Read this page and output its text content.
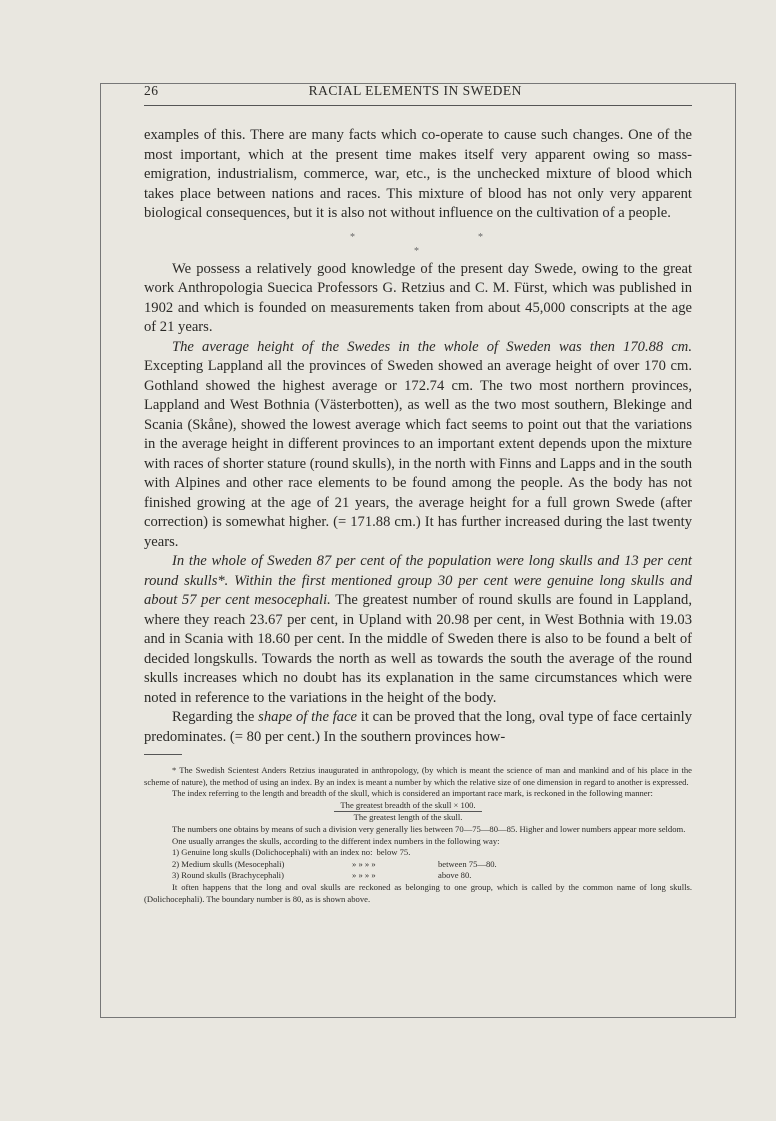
26	RACIAL ELEMENTS IN SWEDEN

examples of this. There are many facts which co-operate to cause such changes. One of the most important, which at the present time makes itself very apparent owing so mass-emigration, industrialism, commerce, war, etc., is the unchecked mixture of blood which takes place between nations and races. This mixture of blood has not only very apparent biological consequences, but it is also not without influence on the cultivation of a people.

*	*
*

We possess a relatively good knowledge of the present day Swede, owing to the great work Anthropologia Suecica Professors G. Retzius and C. M. Fürst, which was published in 1902 and which is founded on measurements taken from about 45,000 conscripts at the age of 21 years.

The average height of the Swedes in the whole of Sweden was then 170.88 cm. Excepting Lappland all the provinces of Sweden showed an average height of over 170 cm. Gothland showed the highest average or 172.74 cm. The two most northern provinces, Lappland and West Bothnia (Västerbotten), as well as the two most southern, Blekinge and Scania (Skåne), showed the lowest average which fact seems to point out that the variations in the average height in different provinces to an important extent depends upon the mixture with races of shorter stature (round skulls), in the north with Finns and Lapps and in the south with Alpines and other race elements to be found among the people. As the body has not finished growing at the age of 21 years, the average height for a full grown Swede (after correction) is somewhat higher. (= 171.88 cm.) It has further increased during the last twenty years.

In the whole of Sweden 87 per cent of the population were long skulls and 13 per cent round skulls*. Within the first mentioned group 30 per cent were genuine long skulls and about 57 per cent mesocephali. The greatest number of round skulls are found in Lappland, where they reach 23.67 per cent, in Upland with 20.98 per cent, in West Bothnia with 19.03 and in Scania with 18.60 per cent. In the middle of Sweden there is also to be found a belt of decided longskulls. Towards the north as well as towards the south the average of the round skulls increases which no doubt has its explanation in the same circumstances which were noted in reference to the variations in the height of the body.

Regarding the shape of the face it can be proved that the long, oval type of face certainly predominates. (= 80 per cent.) In the southern provinces how-

* The Swedish Scientest Anders Retzius inaugurated in anthropology, (by which is meant the science of man and mankind and of his place in the scheme of nature), the method of using an index. By an index is meant a number by which the relative size of one dimension in regard to another is expressed.

The index referring to the length and breadth of the skull, which is considered an important race mark, is reckoned in the following manner:

The greatest breadth of the skull × 100.
The greatest length of the skull.

The numbers one obtains by means of such a division very generally lies between 70—75—80—85. Higher and lower numbers appear more seldom.

One usually arranges the skulls, according to the different index numbers in the following way:

1) Genuine long skulls (Dolichocephali) with an index no: below 75.
2) Medium skulls (Mesocephali)	» » » »	between 75—80.
3) Round skulls (Brachycephali)	» » » »	above 80.

It often happens that the long and oval skulls are reckoned as belonging to one group, which is called by the common name of long skulls. (Dolichocephali). The boundary number is 80, as is shown above.
